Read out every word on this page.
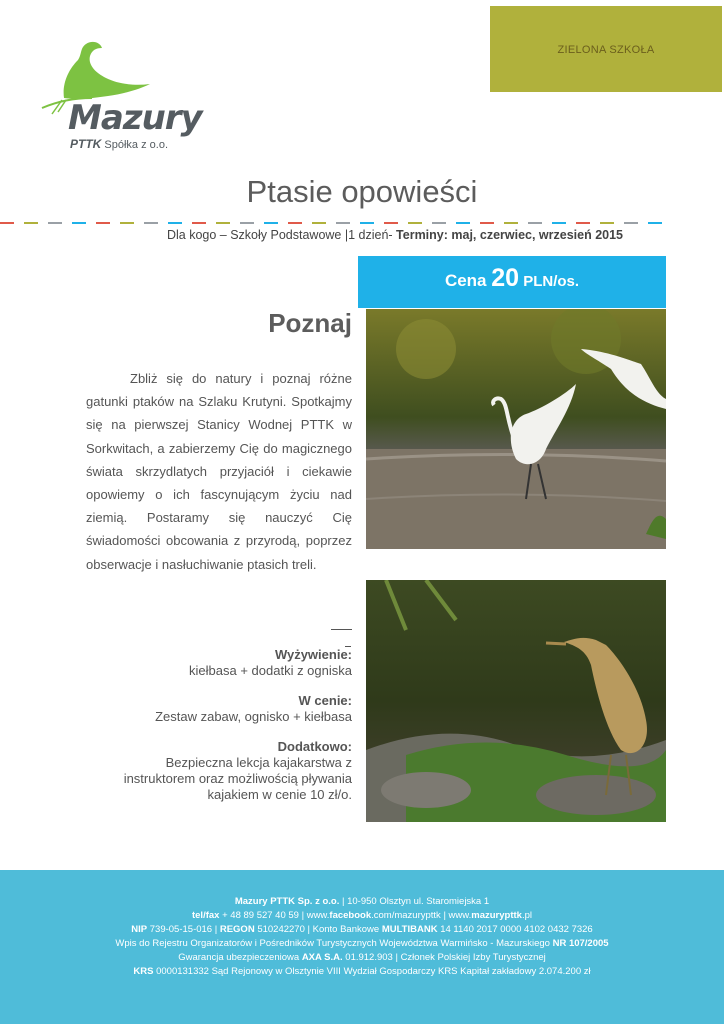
Mazury
PTTK Spółka z o.o.
ZIELONA SZKOŁA
Ptasie opowieści
Dla kogo – Szkoły Podstawowe |1 dzień- Terminy: maj, czerwiec, wrzesień 2015
Cena 20 PLN/os.
Poznaj
Zbliż się do natury i poznaj różne gatunki ptaków na Szlaku Krutyni. Spotkajmy się na pierwszej Stanicy Wodnej PTTK w Sorkwitach, a zabierzemy Cię do magicznego świata skrzydlatych przyjaciół i ciekawie opowiemy o ich fascynującym życiu nad ziemią. Postaramy się nauczyć Cię świadomości obcowania z przyrodą, poprzez obserwacje i nasłuchiwanie ptasich treli.
Wyżywienie:
kiełbasa + dodatki z ogniska
W cenie:
Zestaw zabaw, ognisko + kiełbasa
Dodatkowo:
Bezpieczna lekcja kajakarstwa z instruktorem oraz możliwością pływania kajakiem w cenie 10 zł/o.
Mazury PTTK Sp. z o.o. | 10-950 Olsztyn ul. Staromiejska 1
tel/fax + 48 89 527 40 59 | www.facebook.com/mazurypttk | www.mazurypttk.pl
NIP 739-05-15-016 | REGON 510242270 | Konto Bankowe MULTIBANK 14 1140 2017 0000 4102 0432 7326
Wpis do Rejestru Organizatorów i Pośredników Turystycznych Województwa Warmińsko - Mazurskiego NR 107/2005
Gwarancja ubezpieczeniowa AXA S.A. 01.912.903 | Członek Polskiej Izby Turystycznej
KRS 0000131332 Sąd Rejonowy w Olsztynie VIII Wydział Gospodarczy KRS Kapitał zakładowy 2.074.200 zł
